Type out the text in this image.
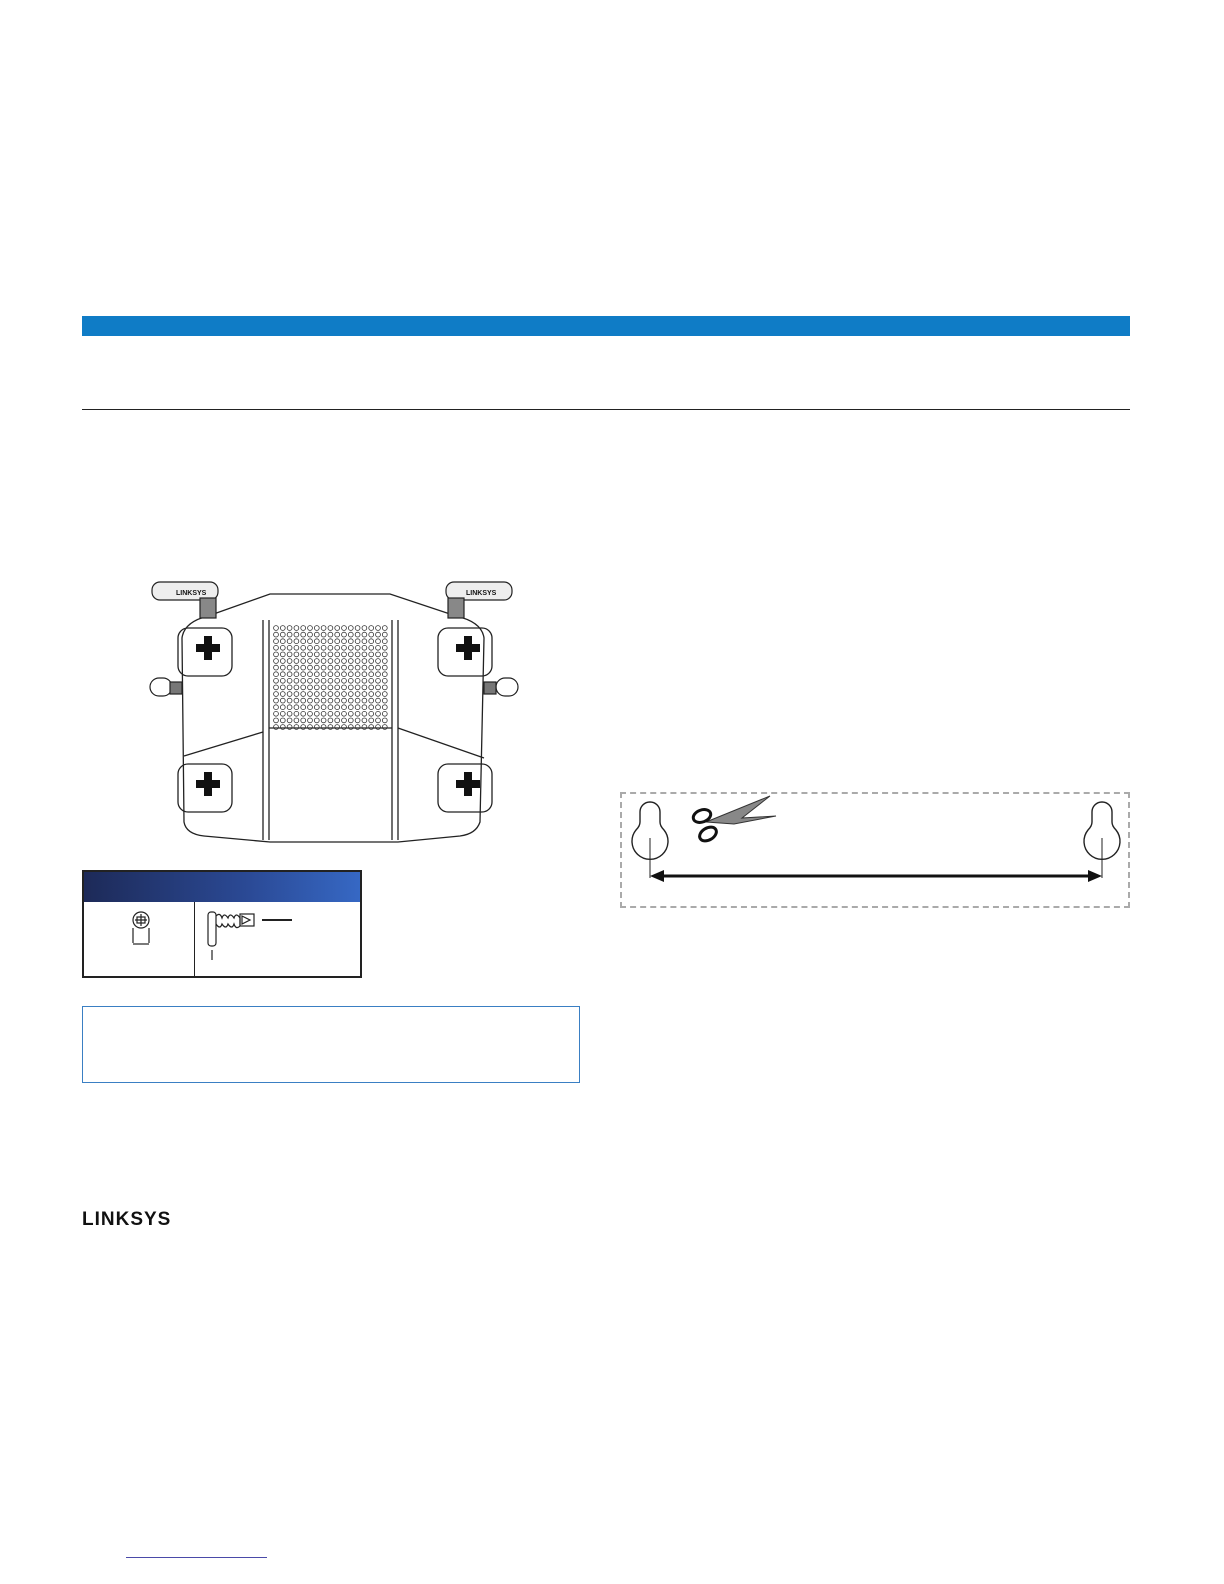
LINKSYS	LINKSYS
LINKSYS
